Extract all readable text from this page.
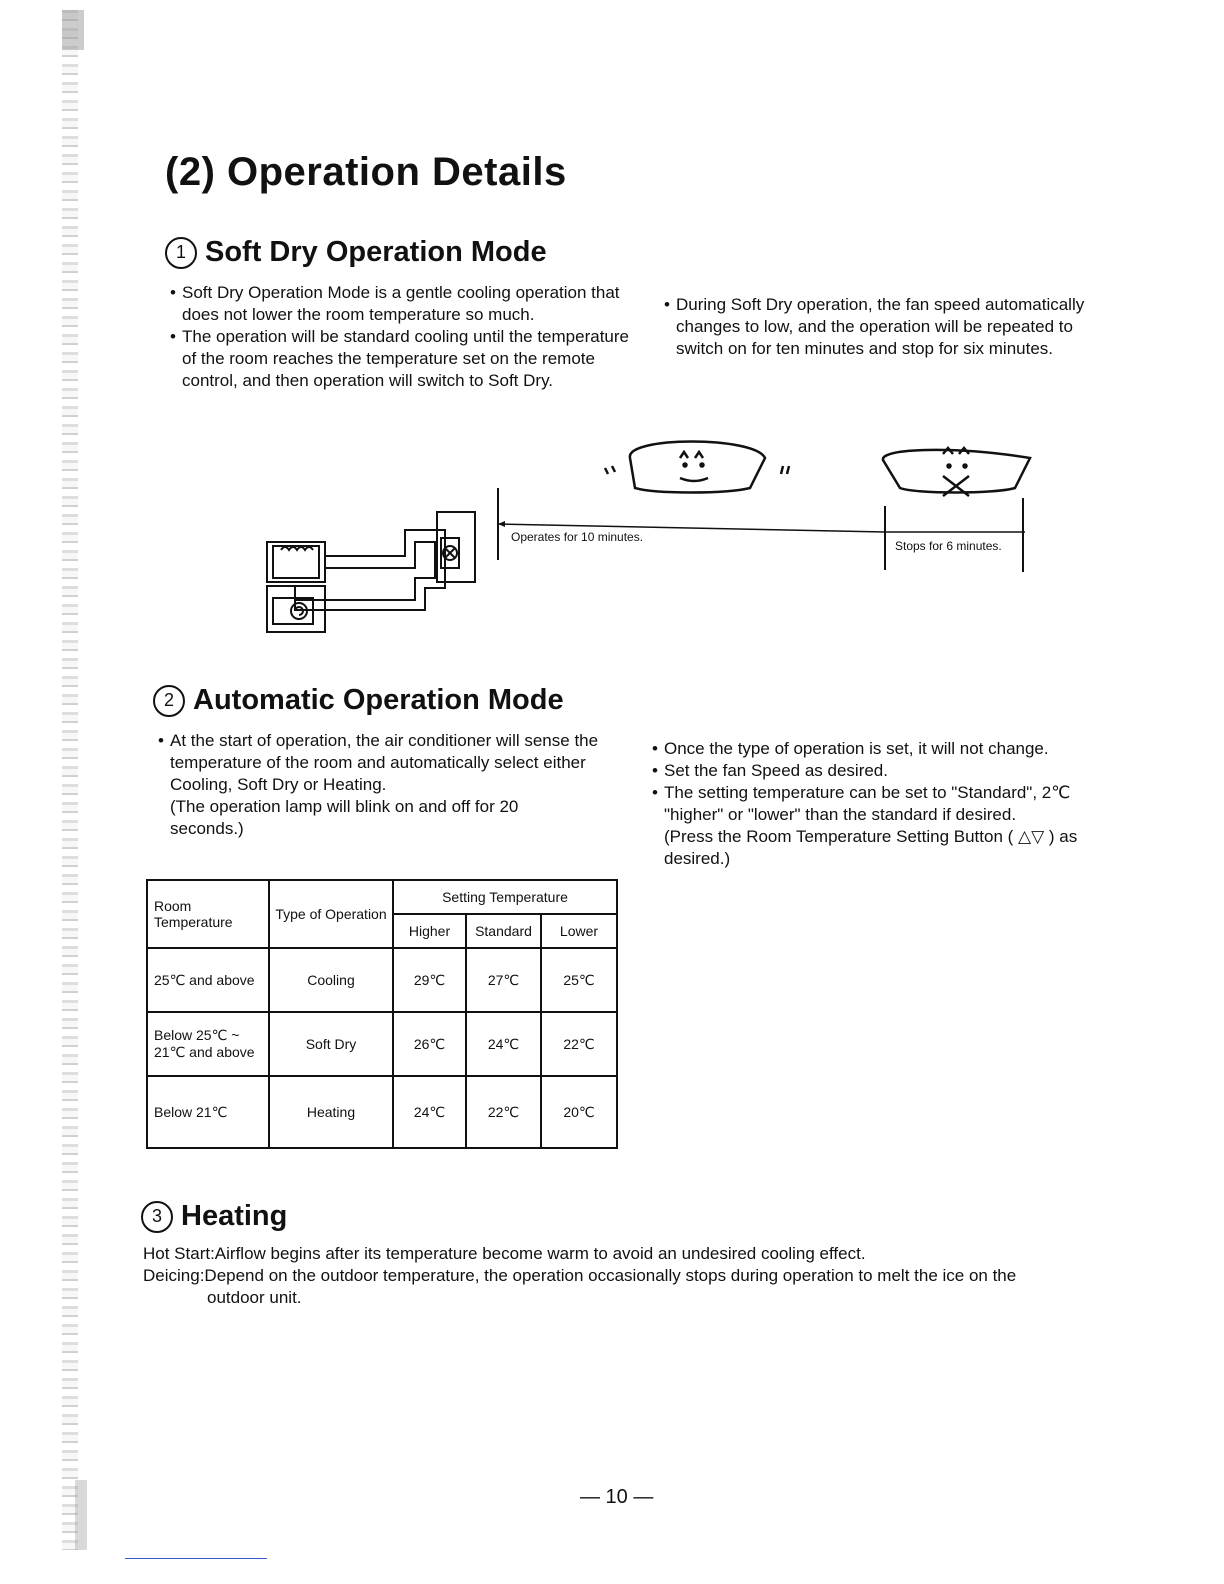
(2) Operation Details
1 Soft Dry Operation Mode
• Soft Dry Operation Mode is a gentle cooling operation that does not lower the room temperature so much.
• The operation will be standard cooling until the temperature of the room reaches the temperature set on the remote control, and then operation will switch to Soft Dry.
• During Soft Dry operation, the fan speed automatically changes to low, and the operation will be repeated to switch on for ten minutes and stop for six minutes.
Operates for 10 minutes.
Stops for 6 minutes.
2 Automatic Operation Mode
• At the start of operation, the air conditioner will sense the temperature of the room and automatically select either Cooling, Soft Dry or Heating.
(The operation lamp will blink on and off for 20 seconds.)
• Once the type of operation is set, it will not change.
• Set the fan Speed as desired.
• The setting temperature can be set to "Standard", 2℃ "higher" or "lower" than the standard if desired.
(Press the Room Temperature Setting Button ( △▽ ) as desired.)
Room Temperature	Type of Operation	Setting Temperature		
		Higher	Standard	Lower
25℃ and above	Cooling	29℃	27℃	25℃
Below 25℃ ~ 21℃ and above	Soft Dry	26℃	24℃	22℃
Below 21℃	Heating	24℃	22℃	20℃
3 Heating
Hot Start:Airflow begins after its temperature become warm to avoid an undesired cooling effect.
Deicing:Depend on the outdoor temperature, the operation occasionally stops during operation to melt the ice on the
outdoor unit.
— 10 —
